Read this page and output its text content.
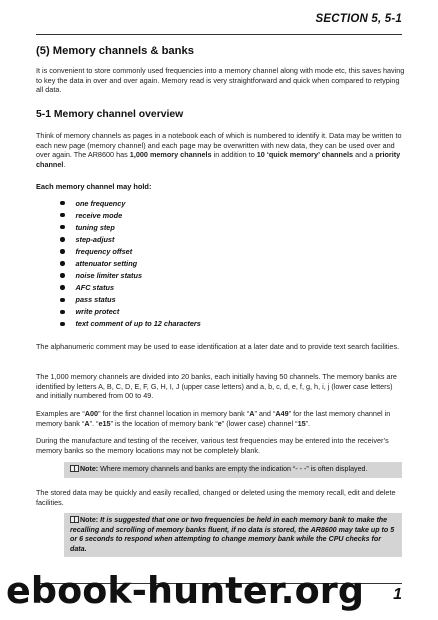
SECTION 5, 5-1
(5) Memory channels & banks
It is convenient to store commonly used frequencies into a memory channel along with mode etc, this saves having to key the data in over and over again. Memory read is very straightforward and quick when compared to retyping all data.
5-1 Memory channel overview
Think of memory channels as pages in a notebook each of which is numbered to identify it. Data may be written to each new page (memory channel) and each page may be overwritten with new data, they can be used over and over again. The AR8600 has 1,000 memory channels in addition to 10 ‘quick memory’ channels and a priority channel.
Each memory channel may hold:
one frequency
receive mode
tuning step
step-adjust
frequency offset
attenuator setting
noise limiter status
AFC status
pass status
write protect
text comment of up to 12 characters
The alphanumeric comment may be used to ease identification at a later date and to provide text search facilities.
The 1,000 memory channels are divided into 20 banks, each initially having 50 channels. The memory banks are identified by letters A, B, C, D, E, F, G, H, I, J (upper case letters) and a, b, c, d, e, f, g, h, i, j (lower case letters) and initially numbered from 00 to 49.
Examples are “A00” for the first channel location in memory bank “A” and “A49” for the last memory channel in memory bank “A”. “e15” is the location of memory bank “e” (lower case) channel “15”.
During the manufacture and testing of the receiver, various test frequencies may be entered into the receiver’s memory banks so the memory locations may not be completely blank.
Note: Where memory channels and banks are empty the indication “- - -” is often displayed.
The stored data may be quickly and easily recalled, changed or deleted using the memory recall, edit and delete facilities.
Note: It is suggested that one or two frequencies be held in each memory bank to make the recalling and scrolling of memory banks fluent, if no data is stored, the AR8600 may take up to 5 or 6 seconds to respond when attempting to change memory bank while the CPU checks for data.
ebook-hunter.org 1
